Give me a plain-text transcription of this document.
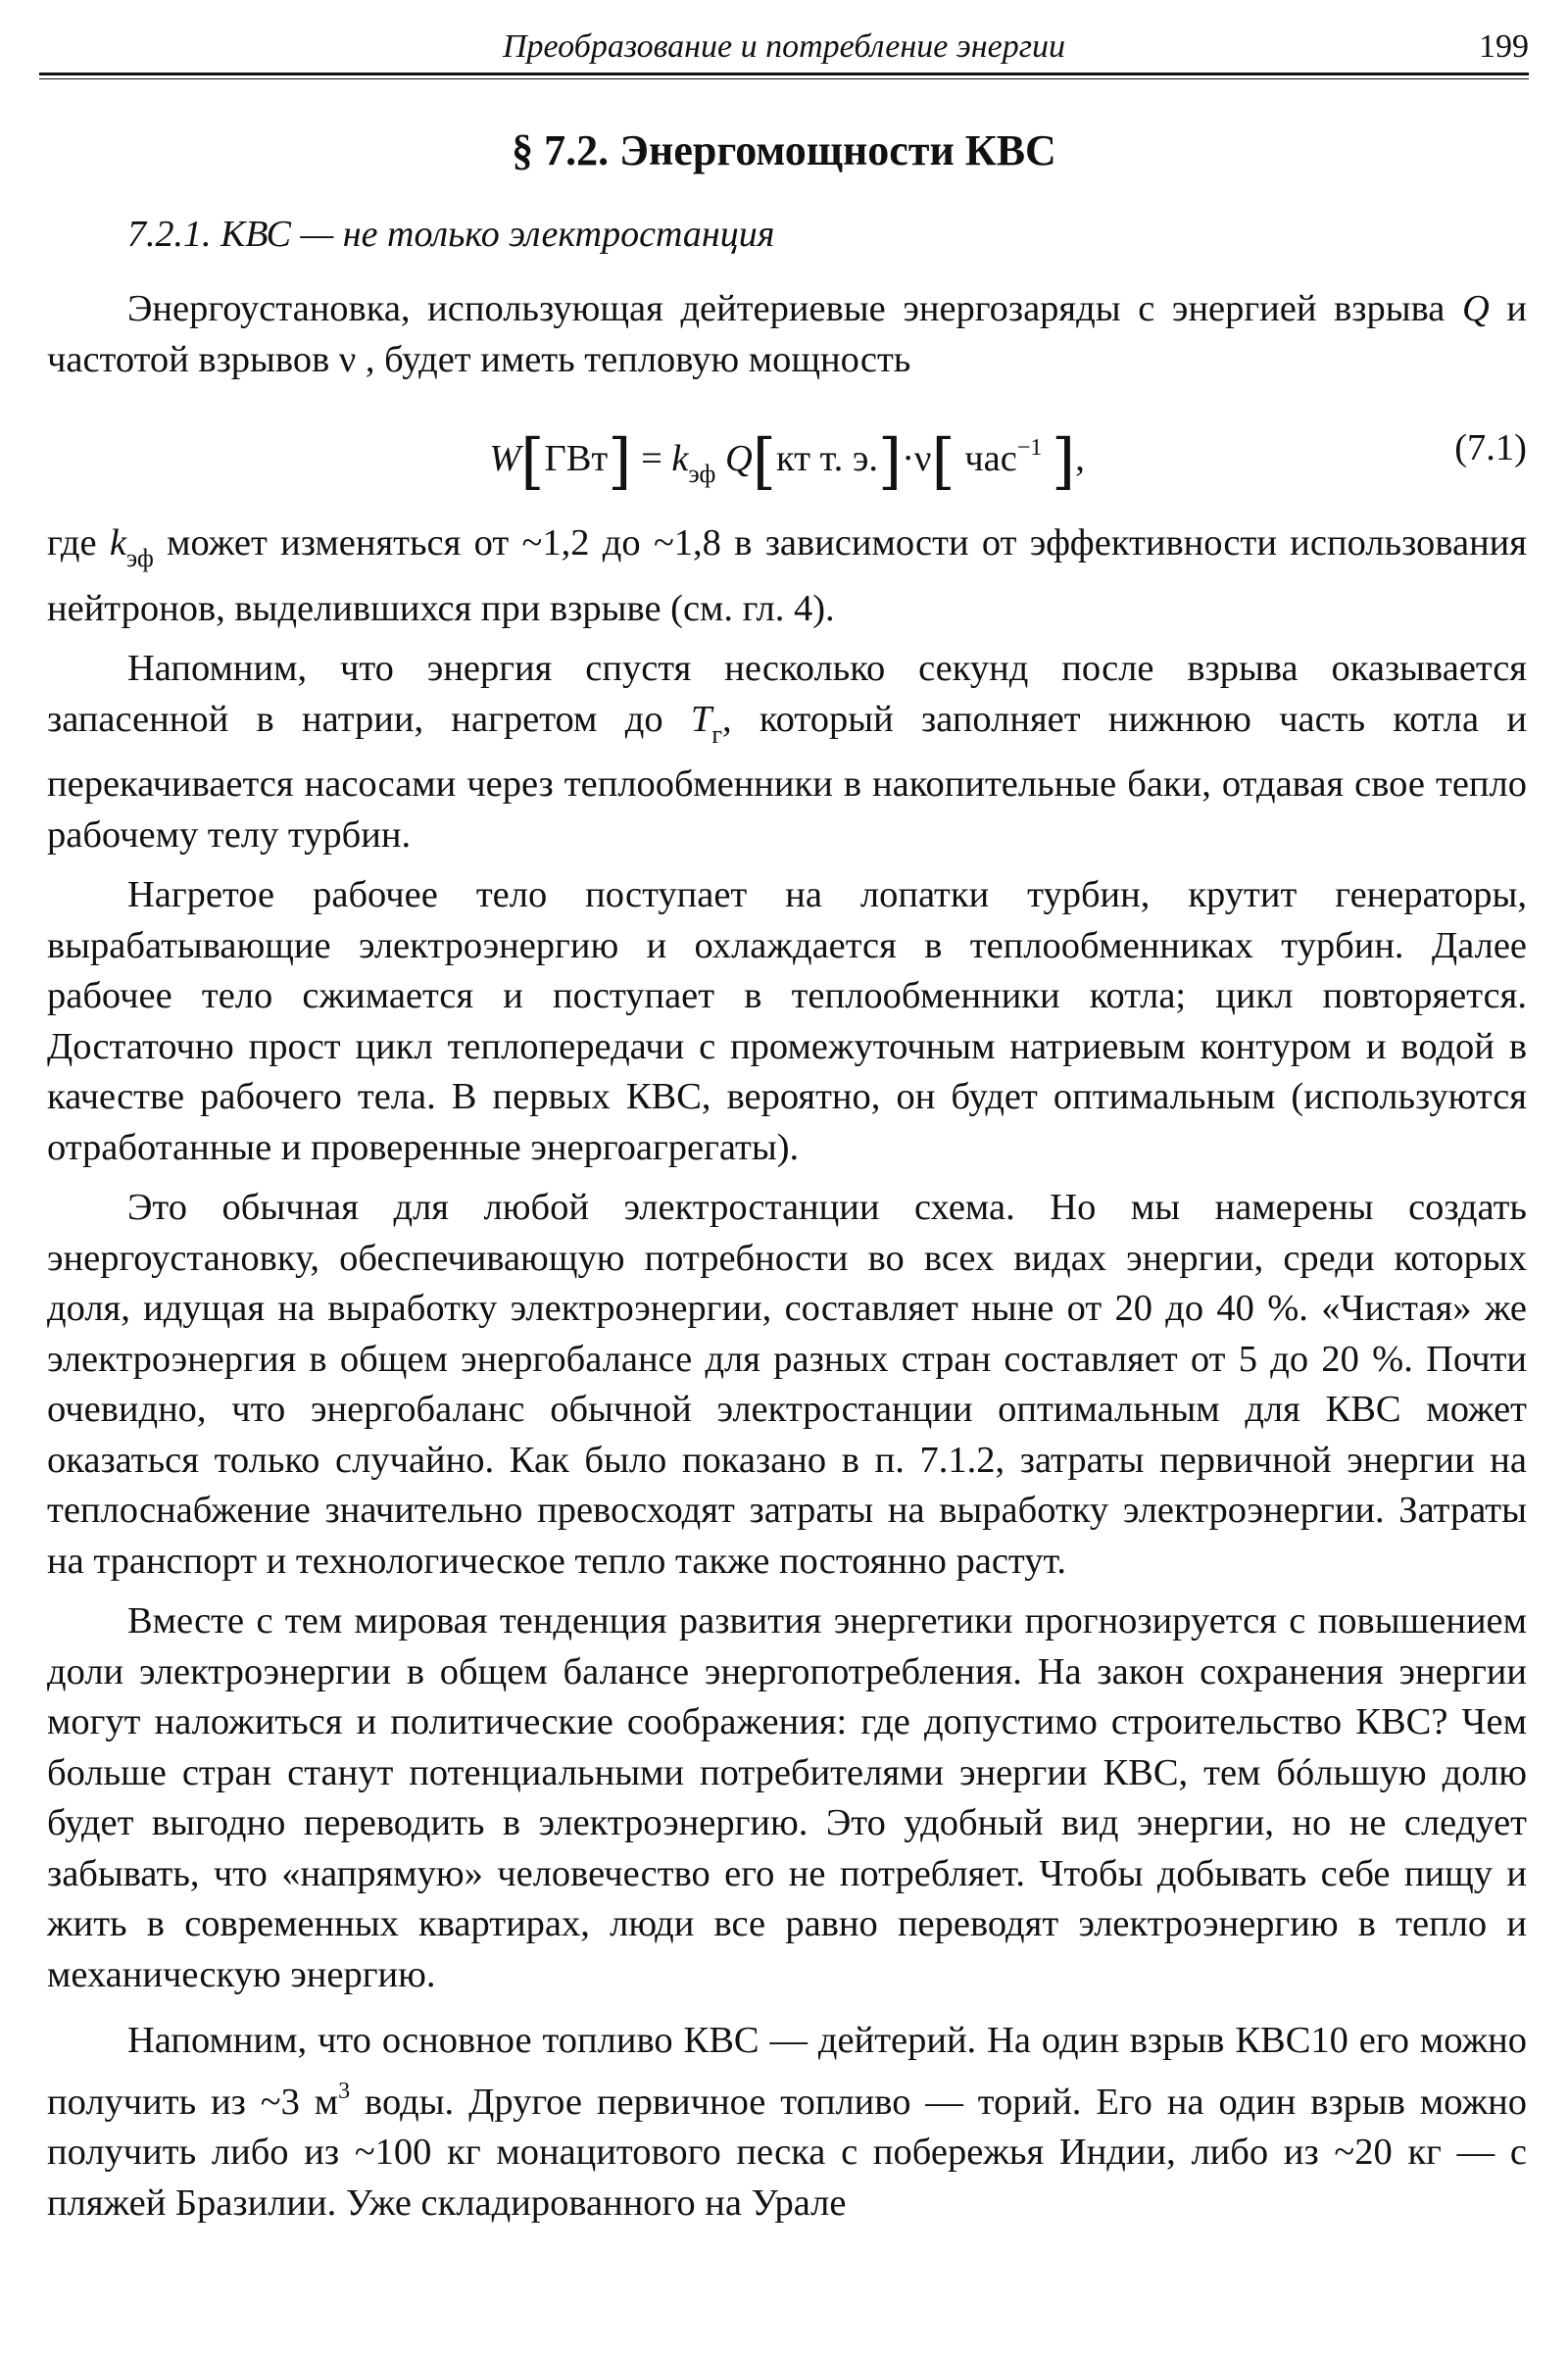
Преобразование и потребление энергии	199
§ 7.2. Энергомощности КВС
7.2.1. КВС — не только электростанция

Энергоустановка, использующая дейтериевые энергозаряды с энергией взрыва Q и частотой взрывов ν , будет иметь тепловую мощность

$W[ГВт] = k_{эф}$ Q[кт т. э.]·ν[ час$^{-1}$ ],	(7.1)

где $k_{эф}$ может изменяться от ~1,2 до ~1,8 в зависимости от эффективности использования нейтронов, выделившихся при взрыве (см. гл. 4).

Напомним, что энергия спустя несколько секунд после взрыва оказывается запасенной в натрии, нагретом до $T_г$, который заполняет нижнюю часть котла и перекачивается насосами через теплообменники в накопительные баки, отдавая свое тепло рабочему телу турбин.

Нагретое рабочее тело поступает на лопатки турбин, крутит генераторы, вырабатывающие электроэнергию и охлаждается в теплообменниках турбин. Далее рабочее тело сжимается и поступает в теплообменники котла; цикл повторяется. Достаточно прост цикл теплопередачи с промежуточным натриевым контуром и водой в качестве рабочего тела. В первых КВС, вероятно, он будет оптимальным (используются отработанные и проверенные энергоагрегаты).

Это обычная для любой электростанции схема. Но мы намерены создать энергоустановку, обеспечивающую потребности во всех видах энергии, среди которых доля, идущая на выработку электроэнергии, составляет ныне от 20 до 40 %. «Чистая» же электроэнергия в общем энергобалансе для разных стран составляет от 5 до 20 %. Почти очевидно, что энергобаланс обычной электростанции оптимальным для КВС может оказаться только случайно. Как было показано в п. 7.1.2, затраты первичной энергии на теплоснабжение значительно превосходят затраты на выработку электроэнергии. Затраты на транспорт и технологическое тепло также постоянно растут.

Вместе с тем мировая тенденция развития энергетики прогнозируется с повышением доли электроэнергии в общем балансе энергопотребления. На закон сохранения энергии могут наложиться и политические соображения: где допустимо строительство КВС? Чем больше стран станут потенциальными потребителями энергии КВС, тем бóльшую долю будет выгодно переводить в электроэнергию. Это удобный вид энергии, но не следует забывать, что «напрямую» человечество его не потребляет. Чтобы добывать себе пищу и жить в современных квартирах, люди все равно переводят электроэнергию в тепло и механическую энергию.

Напомним, что основное топливо КВС — дейтерий. На один взрыв КВС10 его можно получить из ~3 $м^3$ воды. Другое первичное топливо — торий. Его на один взрыв можно получить либо из ~100 кг монацитового песка с побережья Индии, либо из ~20 кг — с пляжей Бразилии. Уже складированного на Урале
